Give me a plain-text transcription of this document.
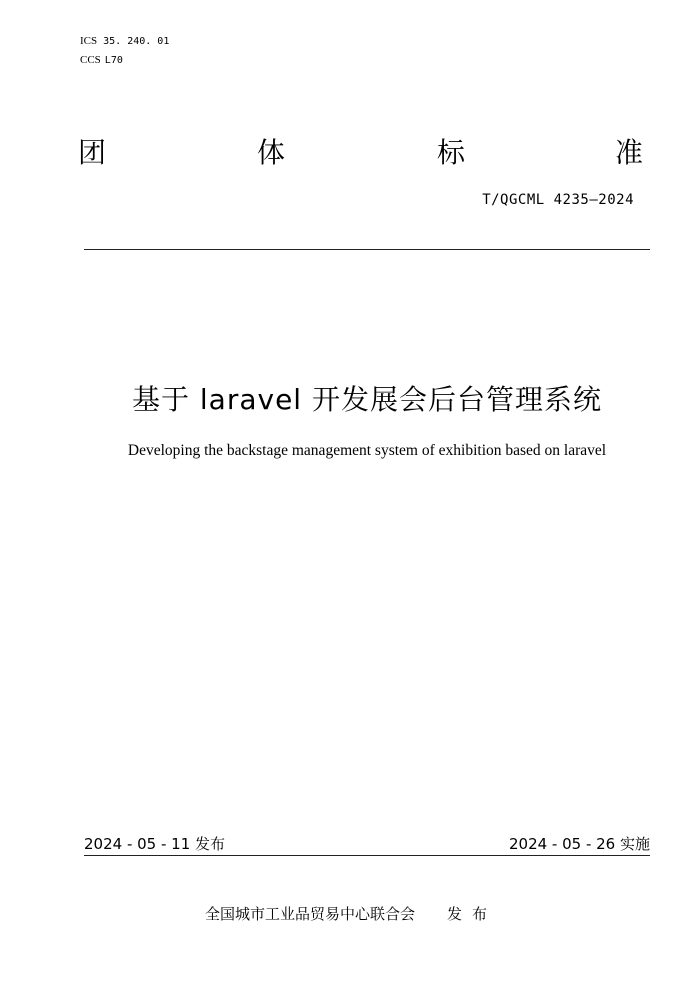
ICS 35. 240. 01
CCS L70
团	体	标	准
T/QGCML 4235—2024
基于 laravel 开发展会后台管理系统
Developing the backstage management system of exhibition based on laravel
2024 - 05 - 11 发布	2024 - 05 - 26 实施
全国城市工业品贸易中心联合会 发布
